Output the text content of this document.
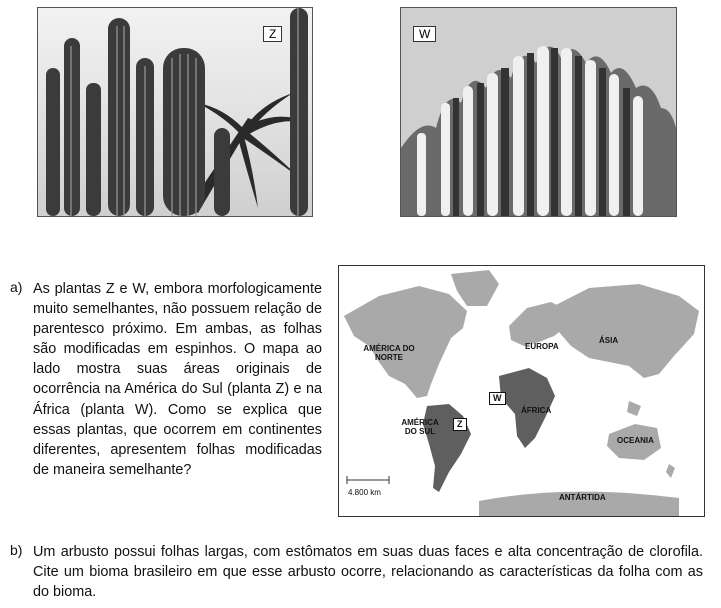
Z	W
a) As plantas Z e W, embora morfologicamente muito semelhantes, não possuem relação de parentesco próximo. Em ambas, as folhas são modificadas em espinhos. O mapa ao lado mostra suas áreas originais de ocorrência na América do Sul (planta Z) e na África (planta W). Como se explica que essas plantas, que ocorrem em continentes diferentes, apresentem folhas modificadas de maneira semelhante?
AMÉRICA DO NORTE
AMÉRICA DO SUL
EUROPA
ÁSIA
ÁFRICA
OCEANIA
ANTÁRTIDA
W
Z
4.800 km
b) Um arbusto possui folhas largas, com estômatos em suas duas faces e alta concentração de clorofila. Cite um bioma brasileiro em que esse arbusto ocorre, relacionando as características da folha com as do bioma.
